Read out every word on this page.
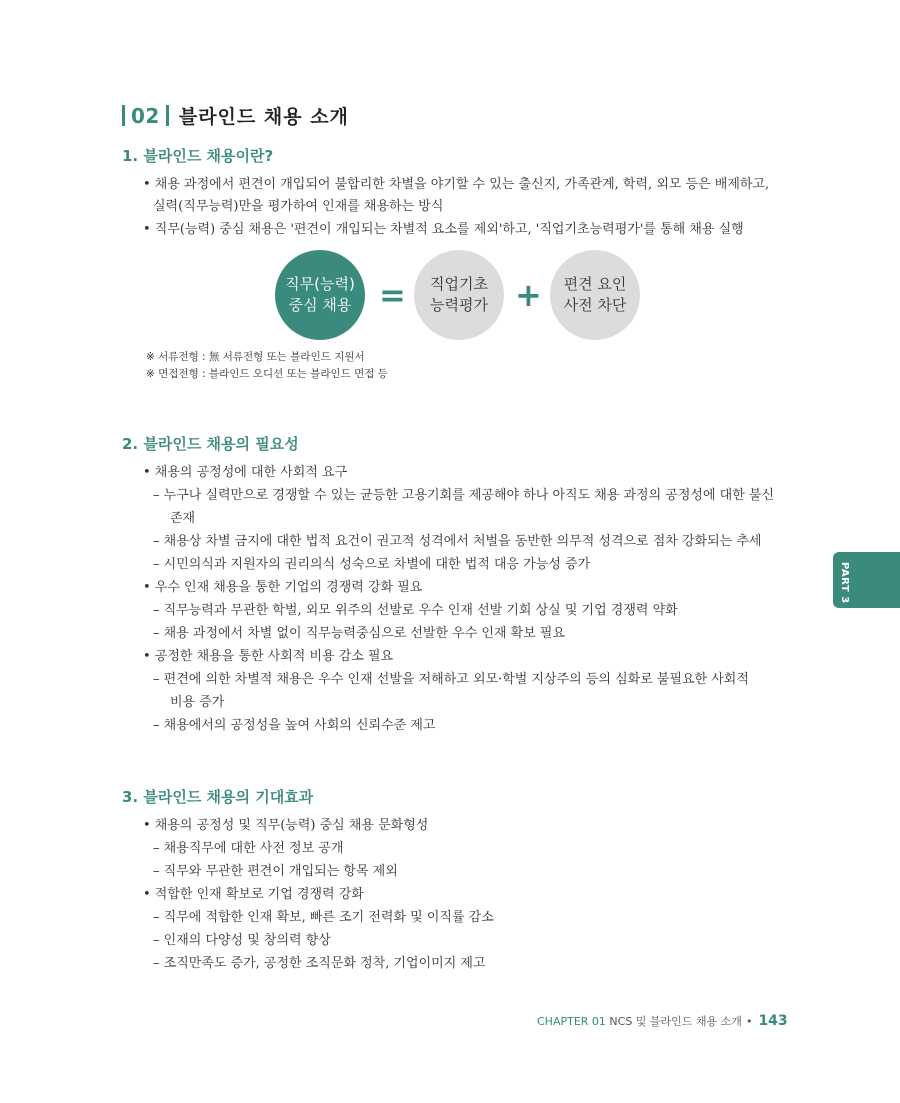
02 블라인드 채용 소개
1. 블라인드 채용이란?
• 채용 과정에서 편견이 개입되어 불합리한 차별을 야기할 수 있는 출신지, 가족관계, 학력, 외모 등은 배제하고,
실력(직무능력)만을 평가하여 인재를 채용하는 방식
• 직무(능력) 중심 채용은 '편견이 개입되는 차별적 요소를 제외'하고, '직업기초능력평가'를 통해 채용 실행
직무(능력)
중심 채용 = 직업기초
능력평가 + 편견 요인
사전 차단
※ 서류전형 : 無 서류전형 또는 블라인드 지원서
※ 면접전형 : 블라인드 오디션 또는 블라인드 면접 등
2. 블라인드 채용의 필요성
• 채용의 공정성에 대한 사회적 요구
– 누구나 실력만으로 경쟁할 수 있는 균등한 고용기회를 제공해야 하나 아직도 채용 과정의 공정성에 대한 불신
존재
– 채용상 차별 금지에 대한 법적 요건이 권고적 성격에서 처벌을 동반한 의무적 성격으로 점차 강화되는 추세
– 시민의식과 지원자의 권리의식 성숙으로 차별에 대한 법적 대응 가능성 증가
• 우수 인재 채용을 통한 기업의 경쟁력 강화 필요
– 직무능력과 무관한 학벌, 외모 위주의 선발로 우수 인재 선발 기회 상실 및 기업 경쟁력 약화
– 채용 과정에서 차별 없이 직무능력중심으로 선발한 우수 인재 확보 필요
• 공정한 채용을 통한 사회적 비용 감소 필요
– 편견에 의한 차별적 채용은 우수 인재 선발을 저해하고 외모·학벌 지상주의 등의 심화로 불필요한 사회적
비용 증가
– 채용에서의 공정성을 높여 사회의 신뢰수준 제고
3. 블라인드 채용의 기대효과
• 채용의 공정성 및 직무(능력) 중심 채용 문화형성
– 채용직무에 대한 사전 정보 공개
– 직무와 무관한 편견이 개입되는 항목 제외
• 적합한 인재 확보로 기업 경쟁력 강화
– 직무에 적합한 인재 확보, 빠른 조기 전력화 및 이직률 감소
– 인재의 다양성 및 창의력 향상
– 조직만족도 증가, 공정한 조직문화 정착, 기업이미지 제고
PART 3
CHAPTER 01
NCS 및 블라인드 채용 소개 • 143
